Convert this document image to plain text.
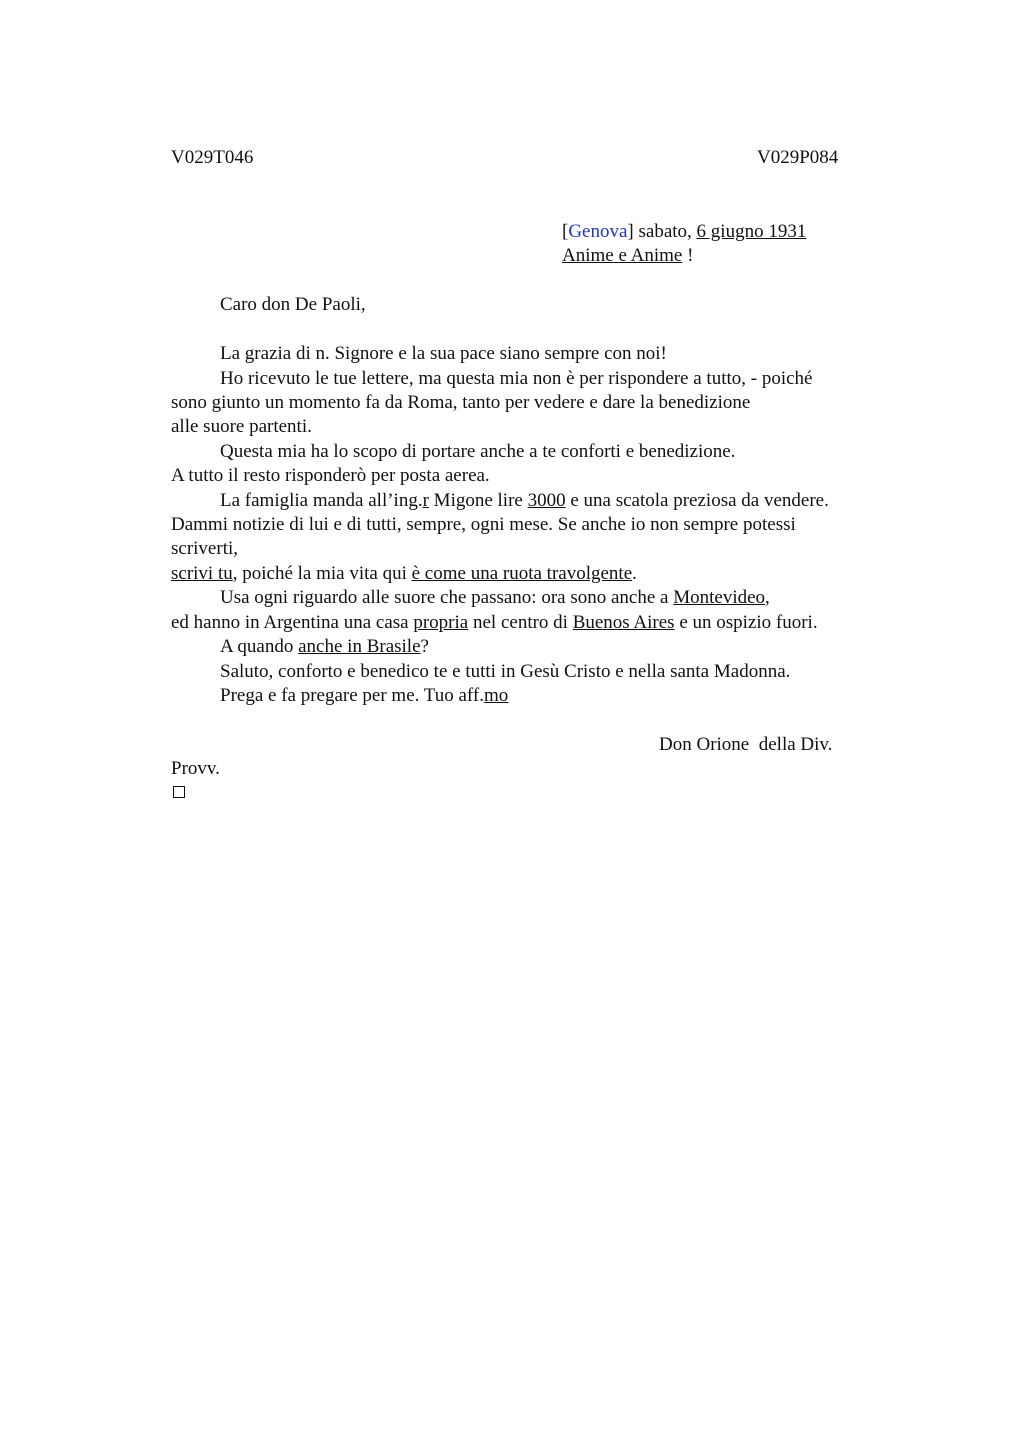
V029T046	V029P084
[Genova] sabato, 6 giugno 1931
Anime e Anime !
Caro don De Paoli,
La grazia di n. Signore e la sua pace siano sempre con noi!
Ho ricevuto le tue lettere, ma questa mia non è per rispondere a tutto, - poiché
sono giunto un momento fa da Roma, tanto per vedere e dare la benedizione
alle suore partenti.
Questa mia ha lo scopo di portare anche a te conforti e benedizione.
A tutto il resto risponderò per posta aerea.
La famiglia manda all’ing.r Migone lire 3000 e una scatola preziosa da vendere.
Dammi notizie di lui e di tutti, sempre, ogni mese. Se anche io non sempre potessi
scriverti,
scrivi tu, poiché la mia vita qui è come una ruota travolgente.
Usa ogni riguardo alle suore che passano: ora sono anche a Montevideo,
ed hanno in Argentina una casa propria nel centro di Buenos Aires e un ospizio fuori.
A quando anche in Brasile?
Saluto, conforto e benedico te e tutti in Gesù Cristo e nella santa Madonna.
Prega e fa pregare per me. Tuo aff.mo
Don Orione  della Div.
Provv.
